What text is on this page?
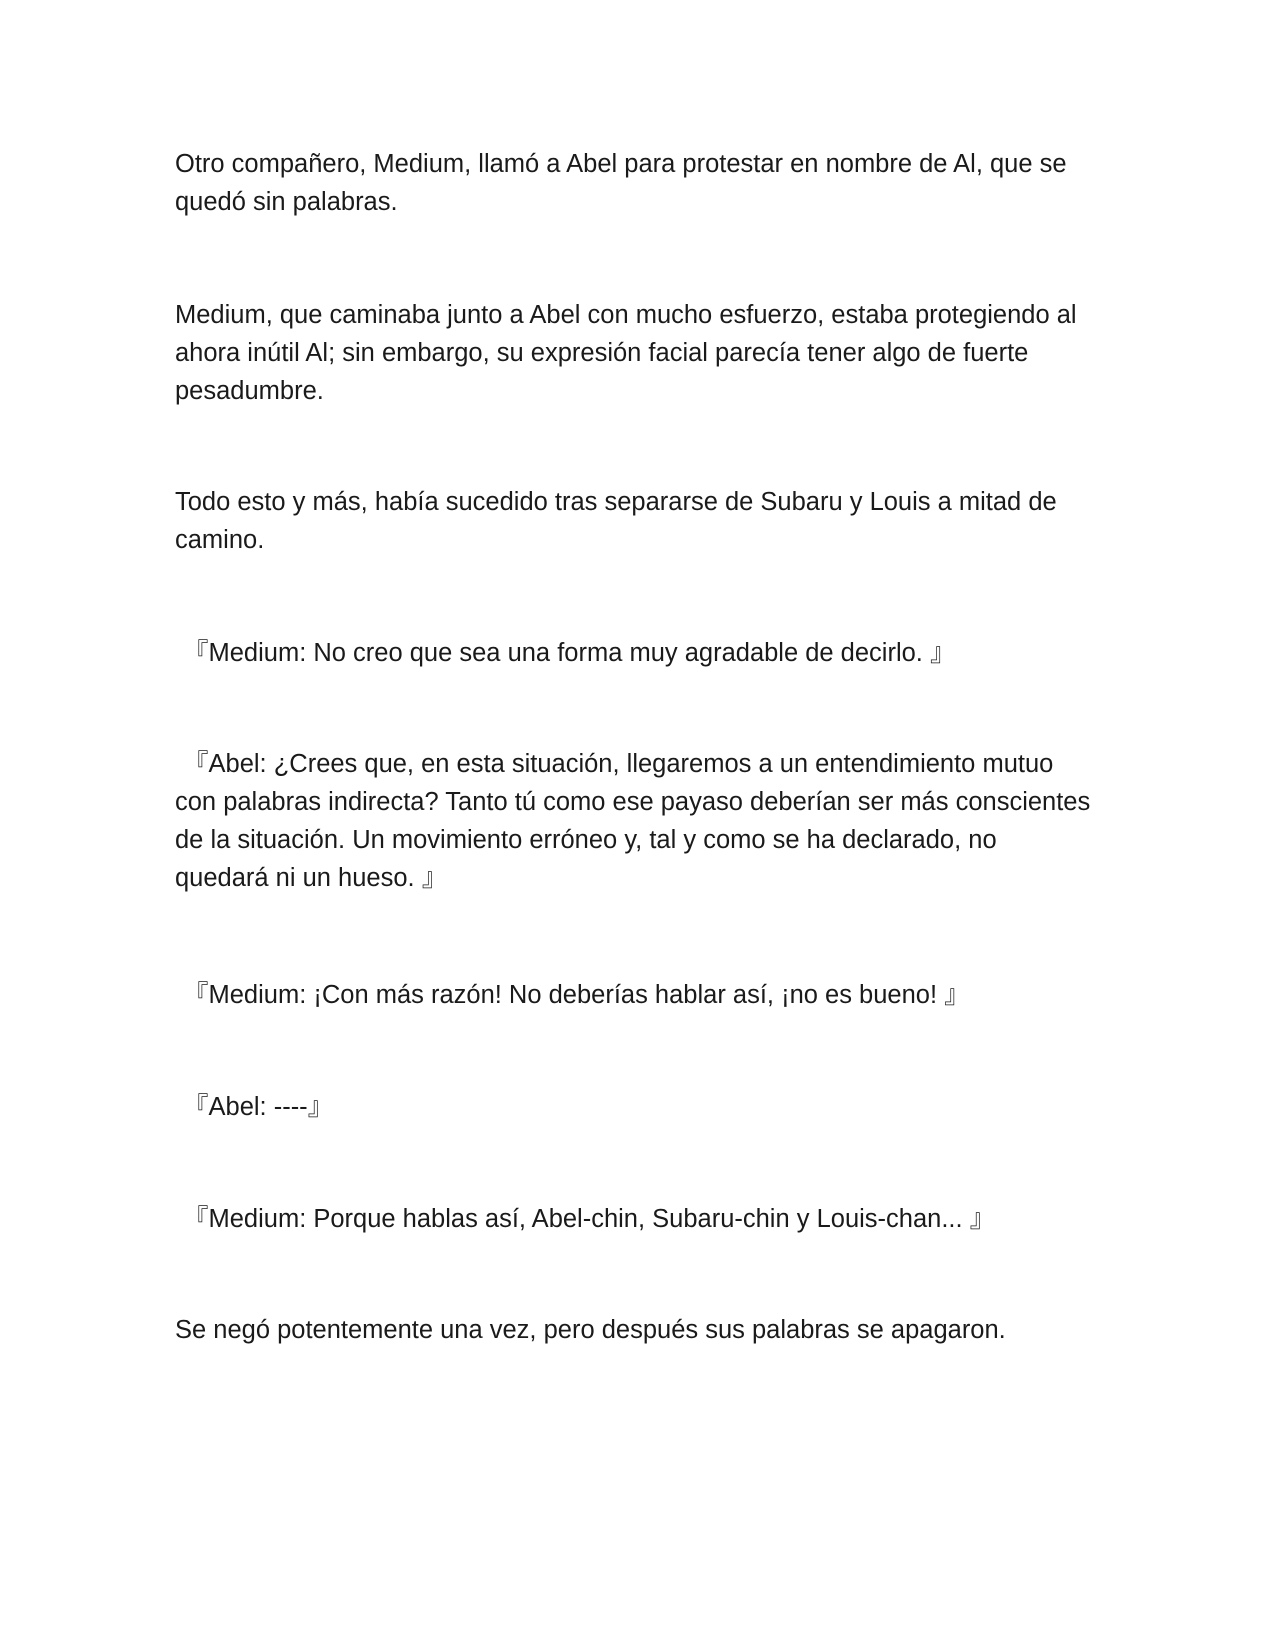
Otro compañero, Medium, llamó a Abel para protestar en nombre de Al, que se quedó sin palabras.

Medium, que caminaba junto a Abel con mucho esfuerzo, estaba protegiendo al ahora inútil Al; sin embargo, su expresión facial parecía tener algo de fuerte pesadumbre.

Todo esto y más, había sucedido tras separarse de Subaru y Louis a mitad de camino.

『Medium: No creo que sea una forma muy agradable de decirlo. 』

『Abel: ¿Crees que, en esta situación, llegaremos a un entendimiento mutuo con palabras indirecta? Tanto tú como ese payaso deberían ser más conscientes de la situación. Un movimiento erróneo y, tal y como se ha declarado, no quedará ni un hueso. 』

『Medium: ¡Con más razón! No deberías hablar así, ¡no es bueno! 』

『Abel: ----』

『Medium: Porque hablas así, Abel-chin, Subaru-chin y Louis-chan... 』

Se negó potentemente una vez, pero después sus palabras se apagaron.
